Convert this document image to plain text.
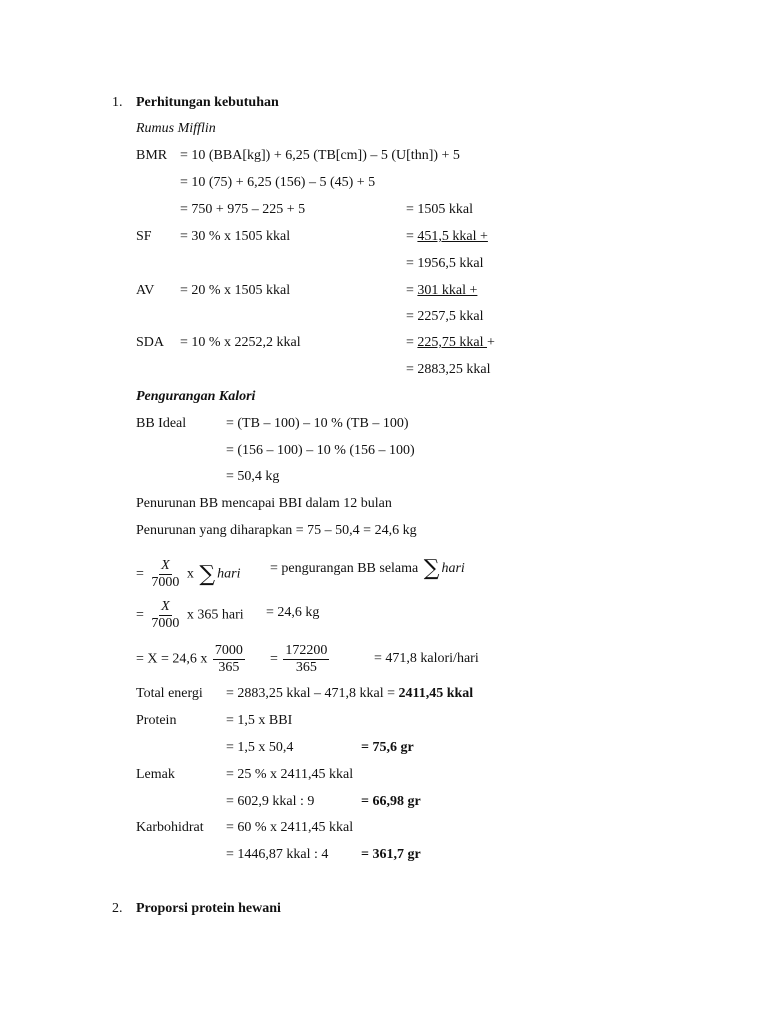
1. Perhitungan kebutuhan
Rumus Mifflin
BMR = 10 (BBA[kg]) + 6,25 (TB[cm]) – 5 (U[thn]) + 5
= 10 (75) + 6,25 (156) – 5 (45) + 5
= 750 + 975 – 225 + 5	= 1505 kkal
SF = 30 % x 1505 kkal	= 451,5 kkal +
= 1956,5 kkal
AV = 20 % x 1505 kkal	= 301 kkal +
= 2257,5 kkal
SDA = 10 % x 2252,2 kkal	= 225,75 kkal +
= 2883,25 kkal
Pengurangan Kalori
BB Ideal	= (TB – 100) – 10 % (TB – 100)
= (156 – 100) – 10 % (156 – 100)
= 50,4 kg
Penurunan BB mencapai BBI dalam 12 bulan
Penurunan yang diharapkan = 75 – 50,4 = 24,6 kg
= $\frac{X}{7000}$ x ∑ hari = pengurangan BB selama ∑ hari
= $\frac{X}{7000}$ x 365 hari = 24,6 kg
= X = 24,6 x $\frac{7000}{365} = \frac{172200}{365}$	= 471,8 kalori/hari
Total energi = 2883,25 kkal – 471,8 kkal = 2411,45 kkal
Protein	= 1,5 x BBI
= 1,5 x 50,4	= 75,6 gr
Lemak	= 25 % x 2411,45 kkal
= 602,9 kkal : 9	= 66,98 gr
Karbohidrat = 60 % x 2411,45 kkal
= 1446,87 kkal : 4 = 361,7 gr
2. Proporsi protein hewani
